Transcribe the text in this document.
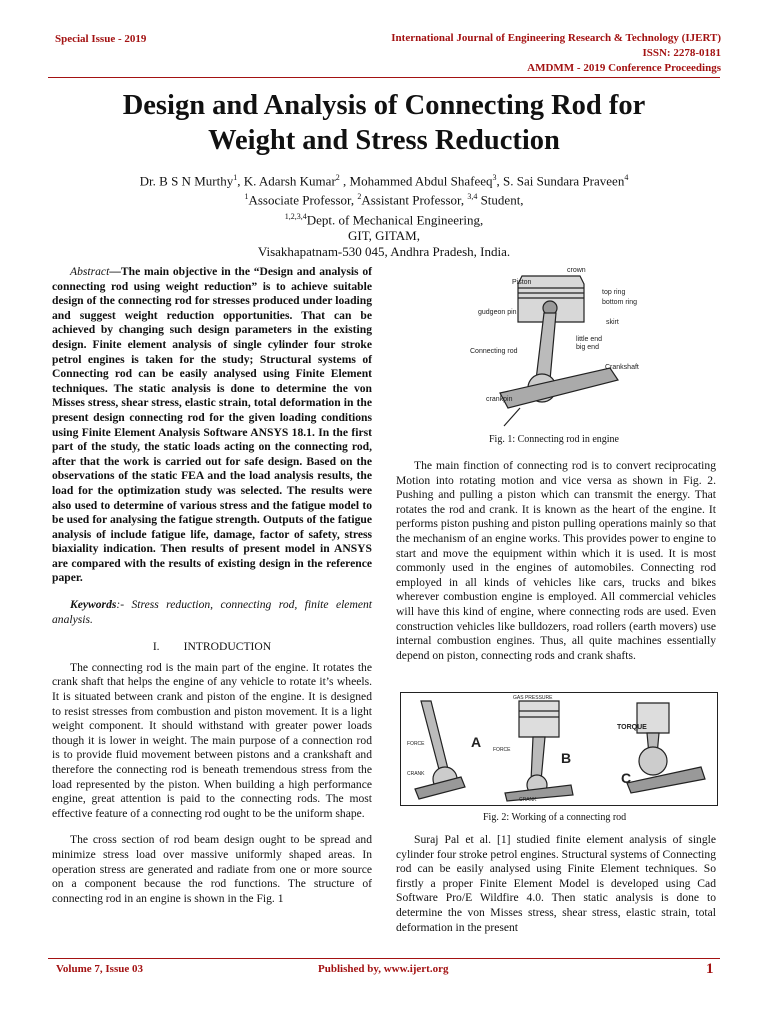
Special Issue - 2019	International Journal of Engineering Research & Technology (IJERT)
ISSN: 2278-0181
AMDMM - 2019 Conference Proceedings
Design and Analysis of Connecting Rod for
Weight and Stress Reduction
Dr. B S N Murthy$^1$, K. Adarsh Kumar$^2$ , Mohammed Abdul Shafeeq$^3$, S. Sai Sundara Praveen$^4$
$^1$Associate Professor, $^2$Assistant Professor, $^{3,4}$ Student,
$^{1,2,3,4}$Dept. of Mechanical Engineering,
GIT, GITAM,
Visakhapatnam-530 045, Andhra Pradesh, India.

Abstract—The main objective in the “Design and analysis of connecting rod using weight reduction” is to achieve suitable design of the connecting rod for stresses produced under loading and suggest weight reduction opportunities. That can be achieved by changing such design parameters in the existing design. Finite element analysis of single cylinder four stroke petrol engines is taken for the study; Structural systems of Connecting rod can be easily analysed using Finite Element techniques. The static analysis is done to determine the von Misses stress, shear stress, elastic strain, total deformation in the present design connecting rod for the given loading conditions using Finite Element Analysis Software ANSYS 18.1. In the first part of the study, the static loads acting on the connecting rod, after that the work is carried out for safe design. Based on the observations of the static FEA and the load analysis results, the load for the optimization study was selected. The results were also used to determine of various stress and the fatigue model to be used for analysing the fatigue strength. Outputs of the fatigue analysis of include fatigue life, damage, factor of safety, stress biaxiality indication. Then results of present model in ANSYS are compared with the results of existing design in the reference paper.

Keywords:- Stress reduction, connecting rod, finite element analysis.

I. INTRODUCTION

The connecting rod is the main part of the engine. It rotates the crank shaft that helps the engine of any vehicle to rotate it’s wheels. It is situated between crank and piston of the engine. It is designed to resist stresses from combustion and piston movement. It is a light weight component. It should withstand with greater power loads though it is lower in weight. The main purpose of a connection rod is to provide fluid movement between pistons and a crankshaft and therefore the connecting rod is beneath tremendous stress from the load represented by the piston. When building a high performance engine, great attention is paid to the connecting rods. The most effective feature of a connecting rod ought to be the uniform shape.

The cross section of rod beam design ought to be spread and minimize stress load over massive uniformly shaped areas. In operation stress are generated and radiate from one or more source on a component because the rod functions. The structure of connecting rod in an engine is shown in the Fig. 1

crown
Piston
top ring
bottom ring
gudgeon pin
skirt
little end
big end
Connecting rod
Crankshaft
crankpin
Fig. 1: Connecting rod in engine

The main finction of connecting rod is to convert reciprocating Motion into rotating motion and vice versa as shown in Fig. 2. Pushing and pulling a piston which can transmit the energy. That rotates the rod and crank. It is known as the heart of the engine. It performs piston pushing and piston pulling operations mainly so that the mechanism of an engine works. This provides power to engine to start and move the equipment within which it is used. It is most commonly used in the engines of automobiles. Connecting rod employed in all kinds of vehicles like cars, trucks and bikes wherever combustion engine is employed. All commercial vehicles will have this kind of engine, where connecting rods are used. Even construction vehicles like bulldozers, road rollers (earth movers) use internal combustion engines. Thus, all quite machines essentially depend on piston, connecting rods and crank shafts.

A
B
C
FORCE
CRANK
GAS PRESSURE
FORCE
TORQUE
CRANK
Fig. 2: Working of a connecting rod

Suraj Pal et al. [1] studied finite element analysis of single cylinder four stroke petrol engines. Structural systems of Connecting rod can be easily analysed using Finite Element techniques. So firstly a proper Finite Element Model is developed using Cad Software Pro/E Wildfire 4.0. Then static analysis is done to determine the von Misses stress, shear stress, elastic strain, total deformation in the present

Volume 7, Issue 03	Published by, www.ijert.org	1
